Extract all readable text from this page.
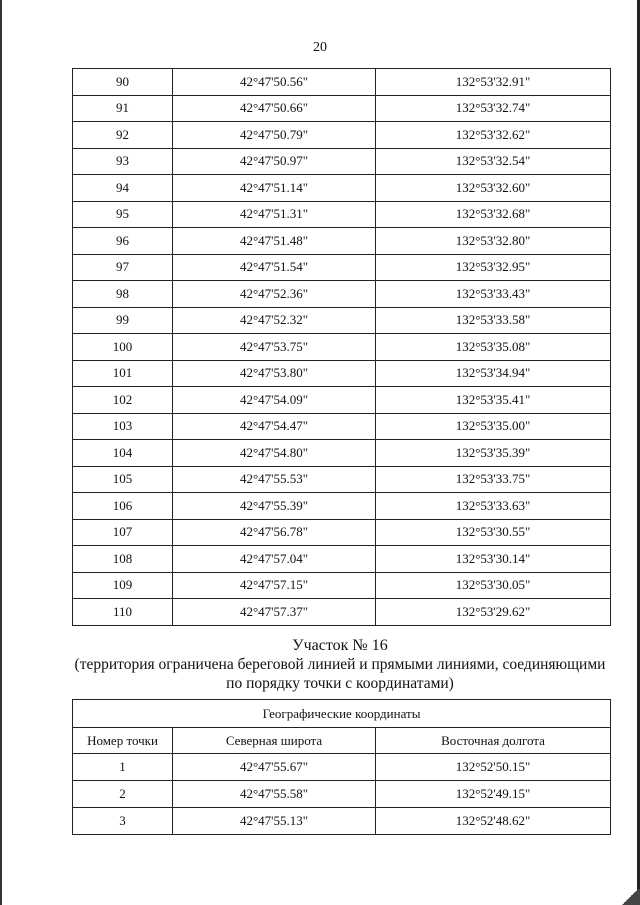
20
90	42°47'50.56"	132°53'32.91"
91	42°47'50.66"	132°53'32.74"
92	42°47'50.79"	132°53'32.62"
93	42°47'50.97"	132°53'32.54"
94	42°47'51.14"	132°53'32.60"
95	42°47'51.31"	132°53'32.68"
96	42°47'51.48"	132°53'32.80"
97	42°47'51.54"	132°53'32.95"
98	42°47'52.36"	132°53'33.43"
99	42°47'52.32"	132°53'33.58"
100	42°47'53.75"	132°53'35.08"
101	42°47'53.80"	132°53'34.94"
102	42°47'54.09"	132°53'35.41"
103	42°47'54.47"	132°53'35.00"
104	42°47'54.80"	132°53'35.39"
105	42°47'55.53"	132°53'33.75"
106	42°47'55.39"	132°53'33.63"
107	42°47'56.78"	132°53'30.55"
108	42°47'57.04"	132°53'30.14"
109	42°47'57.15"	132°53'30.05"
110	42°47'57.37"	132°53'29.62"
Участок № 16
(территория ограничена береговой линией и прямыми линиями, соединяющими
по порядку точки с координатами)
Географические координаты		
Номер точки	Северная широта	Восточная долгота
1	42°47'55.67"	132°52'50.15"
2	42°47'55.58"	132°52'49.15"
3	42°47'55.13"	132°52'48.62"
